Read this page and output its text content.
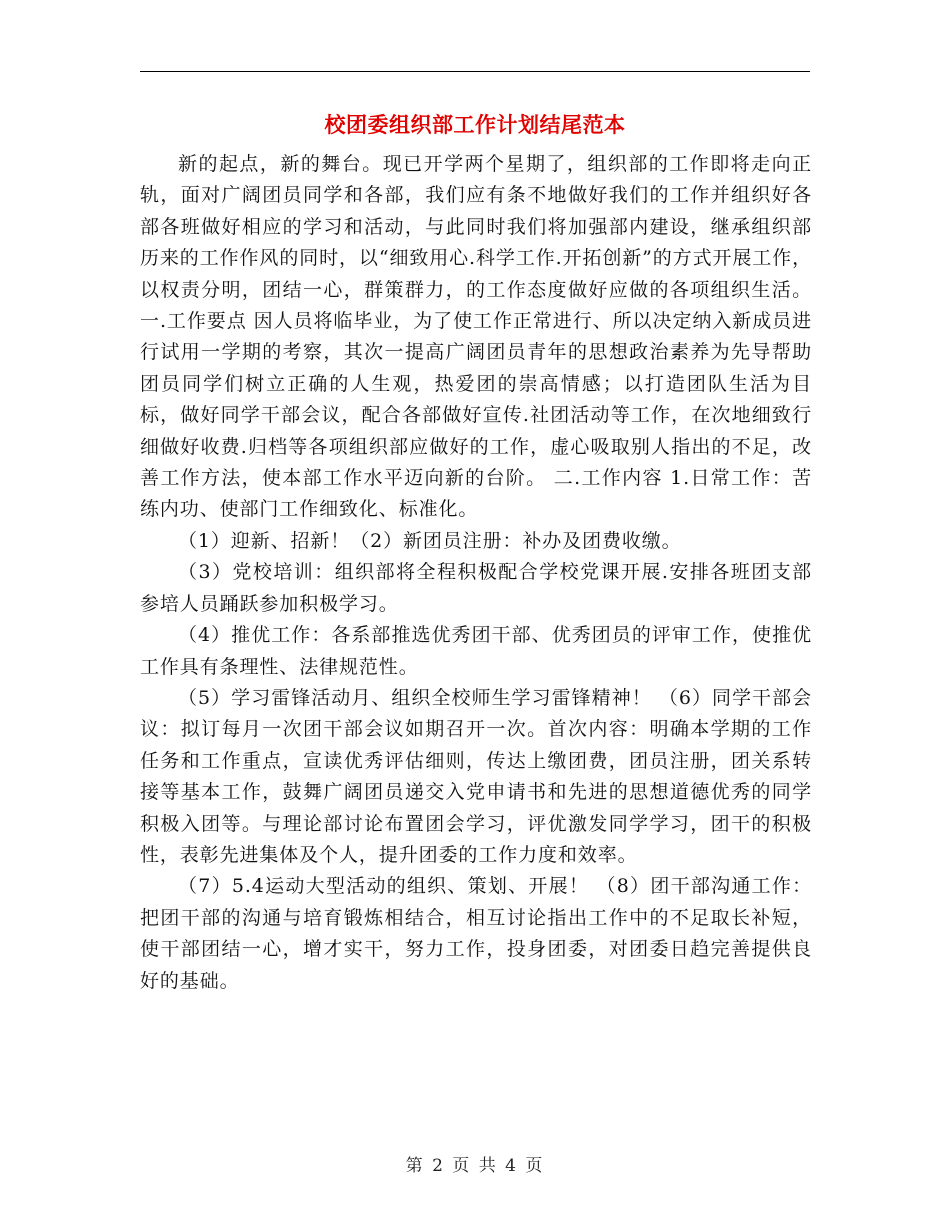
校团委组织部工作计划结尾范本

新的起点，新的舞台。现已开学两个星期了，组织部的工作即将走向正轨，面对广阔团员同学和各部，我们应有条不地做好我们的工作并组织好各部各班做好相应的学习和活动，与此同时我们将加强部内建设，继承组织部历来的工作作风的同时，以“细致用心.科学工作.开拓创新”的方式开展工作，以权责分明，团结一心，群策群力，的工作态度做好应做的各项组织生活。 一.工作要点 因人员将临毕业，为了使工作正常进行、所以决定纳入新成员进行试用一学期的考察，其次一提高广阔团员青年的思想政治素养为先导帮助团员同学们树立正确的人生观，热爱团的崇高情感；以打造团队生活为目标，做好同学干部会议，配合各部做好宣传.社团活动等工作，在次地细致行细做好收费.归档等各项组织部应做好的工作，虚心吸取别人指出的不足，改善工作方法，使本部工作水平迈向新的台阶。 二.工作内容 1.日常工作：苦练内功、使部门工作细致化、标准化。

（1）迎新、招新！（2）新团员注册：补办及团费收缴。

（3）党校培训：组织部将全程积极配合学校党课开展.安排各班团支部参培人员踊跃参加积极学习。

（4）推优工作：各系部推选优秀团干部、优秀团员的评审工作，使推优工作具有条理性、法律规范性。

（5）学习雷锋活动月、组织全校师生学习雷锋精神！ （6）同学干部会议：拟订每月一次团干部会议如期召开一次。首次内容：明确本学期的工作任务和工作重点，宣读优秀评估细则，传达上缴团费，团员注册，团关系转接等基本工作，鼓舞广阔团员递交入党申请书和先进的思想道德优秀的同学积极入团等。与理论部讨论布置团会学习，评优激发同学学习，团干的积极性，表彰先进集体及个人，提升团委的工作力度和效率。

（7）5.4运动大型活动的组织、策划、开展！ （8）团干部沟通工作：把团干部的沟通与培育锻炼相结合，相互讨论指出工作中的不足取长补短，使干部团结一心，增才实干，努力工作，投身团委，对团委日趋完善提供良好的基础。

第 2 页 共 4 页
